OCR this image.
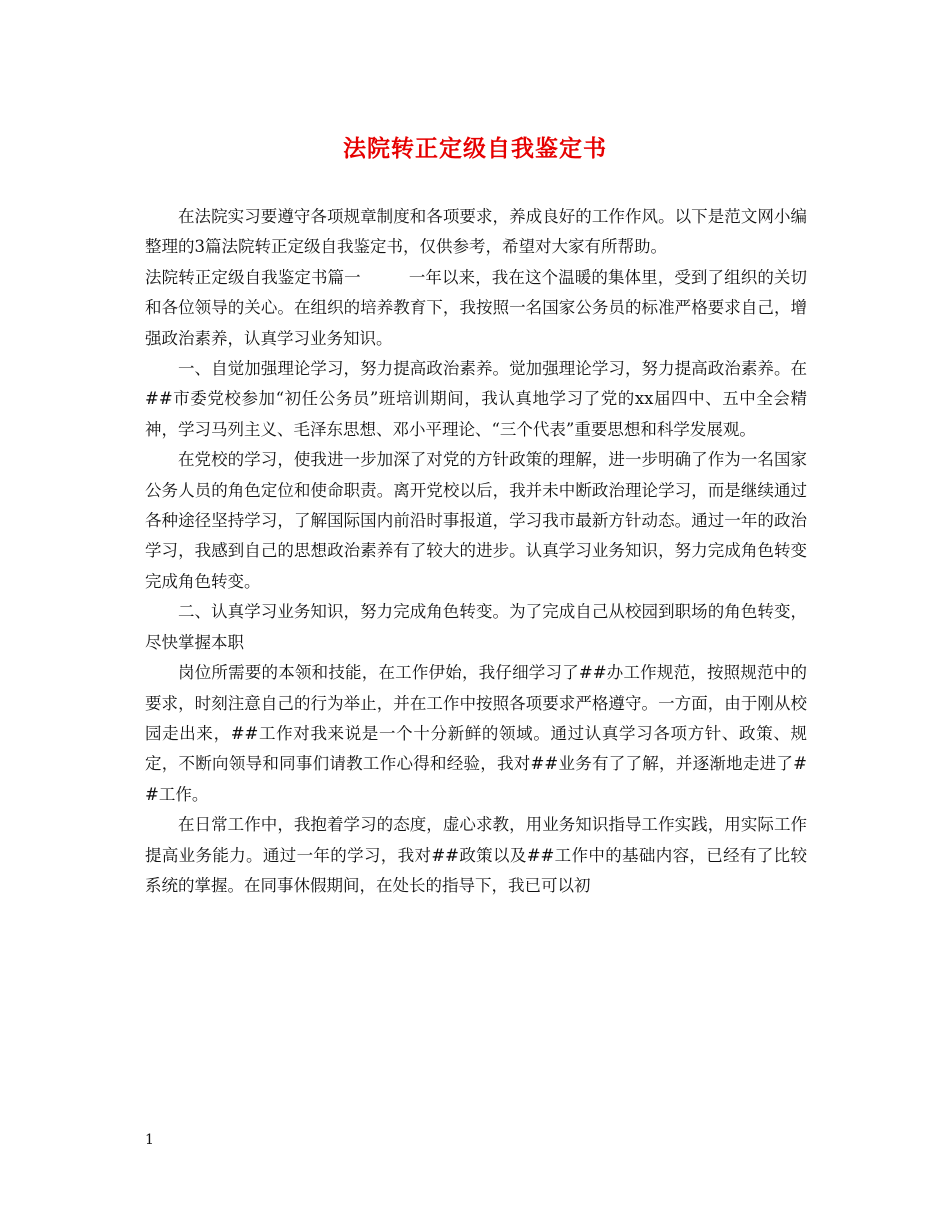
法院转正定级自我鉴定书

在法院实习要遵守各项规章制度和各项要求，养成良好的工作作风。以下是范文网小编整理的3篇法院转正定级自我鉴定书，仅供参考，希望对大家有所帮助。

法院转正定级自我鉴定书篇一	一年以来，我在这个温暖的集体里，受到了组织的关切和各位领导的关心。在组织的培养教育下，我按照一名国家公务员的标准严格要求自己，增强政治素养，认真学习业务知识。

一、自觉加强理论学习，努力提高政治素养。觉加强理论学习，努力提高政治素养。在##市委党校参加“初任公务员”班培训期间，我认真地学习了党的xx届四中、五中全会精神，学习马列主义、毛泽东思想、邓小平理论、“三个代表”重要思想和科学发展观。

在党校的学习，使我进一步加深了对党的方针政策的理解，进一步明确了作为一名国家公务人员的角色定位和使命职责。离开党校以后，我并未中断政治理论学习，而是继续通过各种途径坚持学习，了解国际国内前沿时事报道，学习我市最新方针动态。通过一年的政治学习，我感到自己的思想政治素养有了较大的进步。认真学习业务知识，努力完成角色转变完成角色转变。

二、认真学习业务知识，努力完成角色转变。为了完成自己从校园到职场的角色转变，尽快掌握本职

岗位所需要的本领和技能，在工作伊始，我仔细学习了##办工作规范，按照规范中的要求，时刻注意自己的行为举止，并在工作中按照各项要求严格遵守。一方面，由于刚从校园走出来，##工作对我来说是一个十分新鲜的领域。通过认真学习各项方针、政策、规定，不断向领导和同事们请教工作心得和经验，我对##业务有了了解，并逐渐地走进了##工作。

在日常工作中，我抱着学习的态度，虚心求教，用业务知识指导工作实践，用实际工作提高业务能力。通过一年的学习，我对##政策以及##工作中的基础内容，已经有了比较系统的掌握。在同事休假期间，在处长的指导下，我已可以初

1
